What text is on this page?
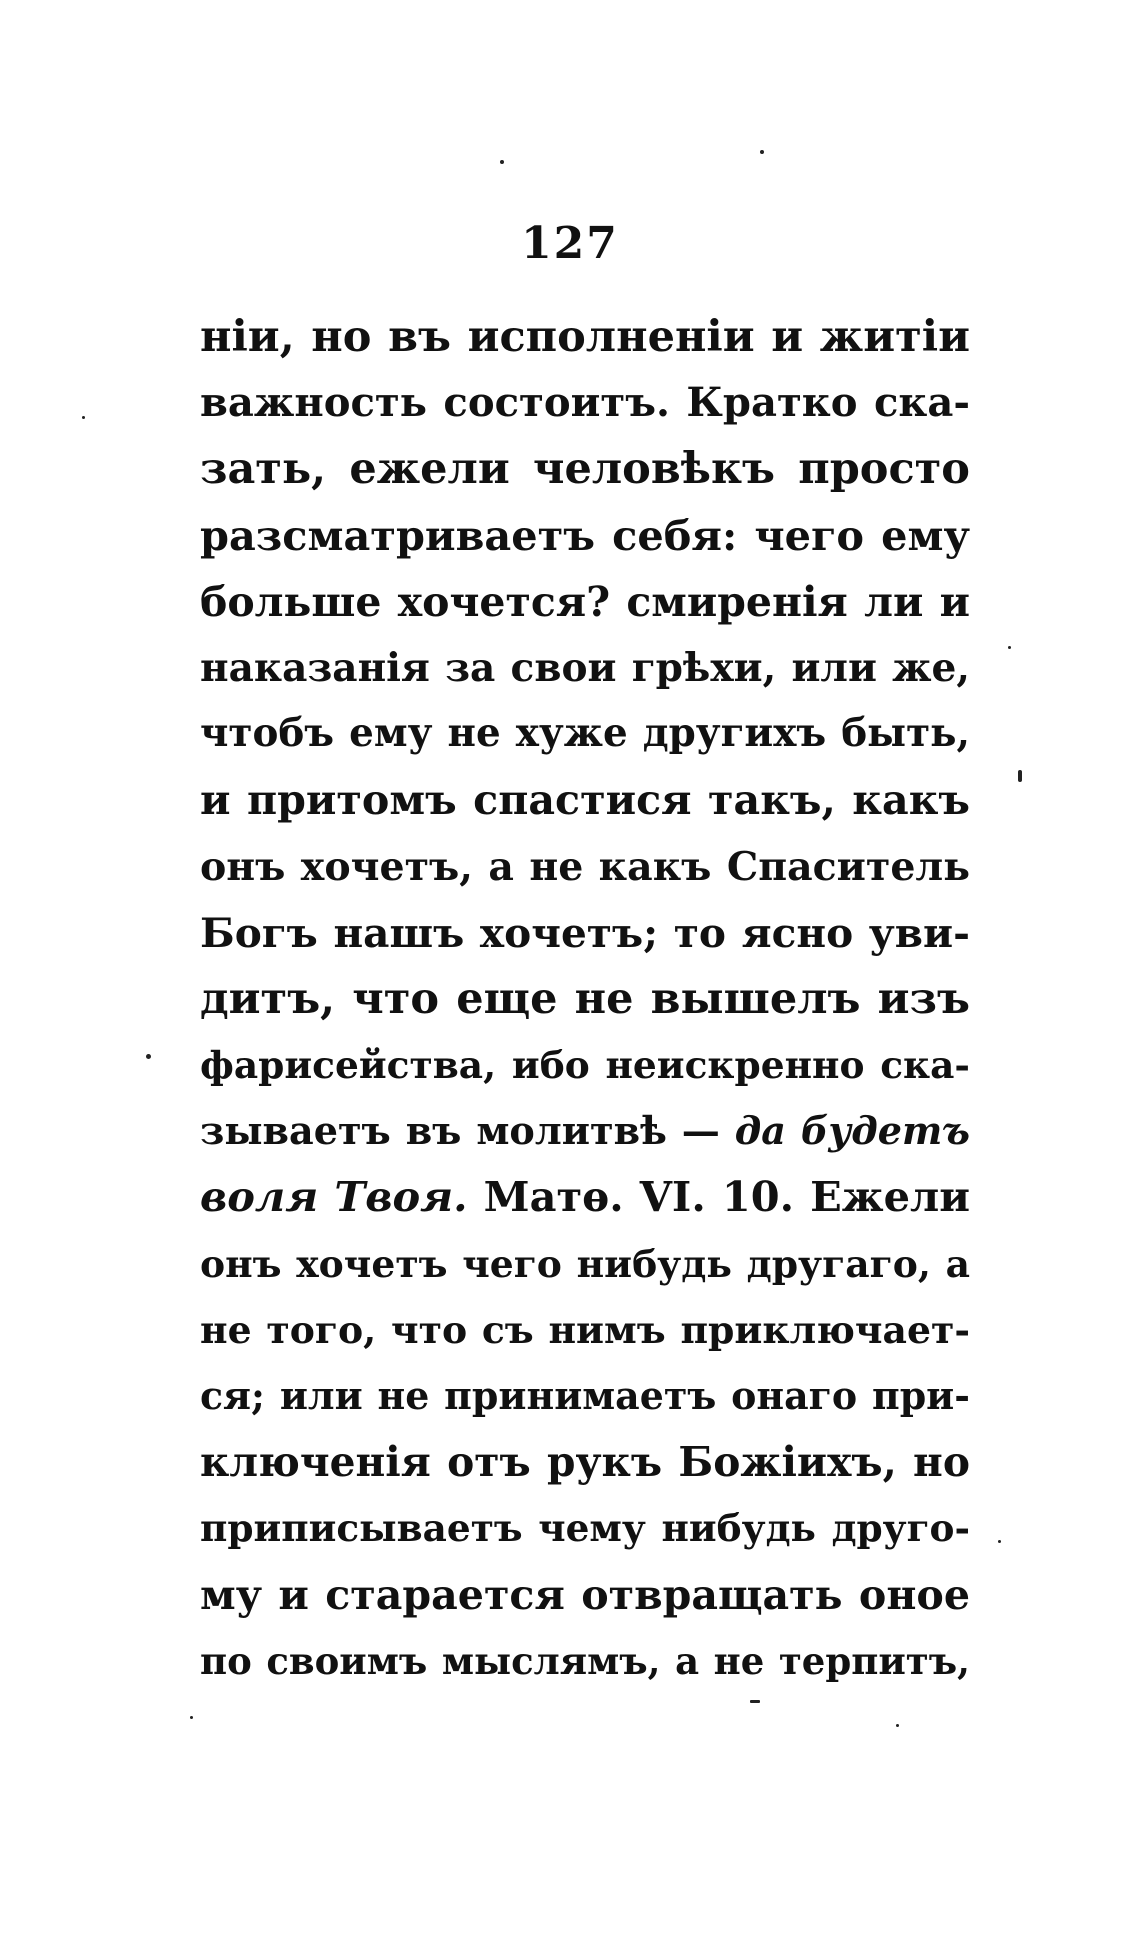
127
нiи, но въ исполненiи и житiи
важность состоитъ. Кратко ска-
зать, ежели человѣкъ просто
разсматриваетъ себя: чего ему
больше хочется? смиренiя ли и
наказанiя за свои грѣхи, или же,
чтобъ ему не хуже другихъ быть,
и притомъ спастися такъ, какъ
онъ хочетъ, а не какъ Спаситель
Богъ нашъ хочетъ; то ясно уви-
дитъ, что еще не вышелъ изъ
фарисейства, ибо неискренно ска-
зываетъ въ молитвѣ — да будетъ
воля Твоя. Матѳ. VI. 10. Ежели
онъ хочетъ чего нибудь другаго, а
не того, что съ нимъ приключает-
ся; или не принимаетъ онаго при-
ключенiя отъ рукъ Божiихъ, но
приписываетъ чему нибудь друго-
му и старается отвращать оное
по своимъ мыслямъ, а не терпитъ,
